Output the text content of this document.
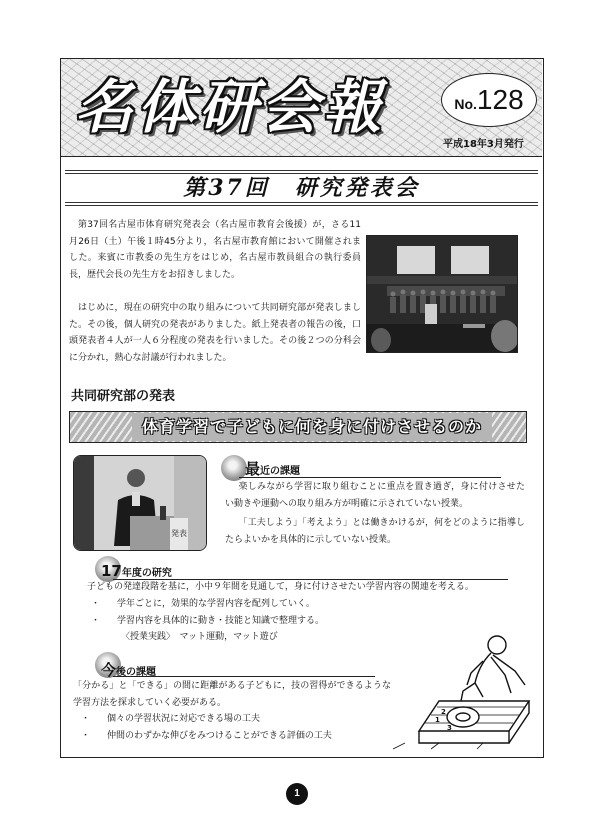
名体研会報	No.128
平成18年3月発行
第37回　研究発表会

第37回名古屋市体育研究発表会（名古屋市教育会後援）が，さる11月26日（土）午後１時45分より，名古屋市教育館において開催されました。来賓に市教委の先生方をはじめ，名古屋市教員組合の執行委員長，歴代会長の先生方をお招きしました。

はじめに，現在の研究中の取り組みについて共同研究部が発表しました。その後，個人研究の発表がありました。紙上発表者の報告の後，口頭発表者４人が一人６分程度の発表を行いました。その後２つの分科会に分かれ，熱心な討議が行われました。

共同研究部の発表
体育学習で子どもに何を身に付けさせるのか
発表
最近の課題

楽しみながら学習に取り組むことに重点を置き過ぎ，身に付けさせたい動きや運動への取り組み方が明確に示されていない授業。

「工夫しよう」「考えよう」とは働きかけるが，何をどのように指導したらよいかを具体的に示していない授業。

17年度の研究

子どもの発達段階を基に，小中９年間を見通して，身に付けさせたい学習内容の関連を考える。

・ 学年ごとに，効果的な学習内容を配列していく。
・ 学習内容を具体的に動き・技能と知識で整理する。

〈授業実践〉　マット運動，マット遊び

今後の課題

「分かる」と「できる」の間に距離がある子どもに，技の習得ができるような学習方法を探求していく必要がある。

・ 個々の学習状況に対応できる場の工夫
・ 仲間のわずかな伸びをみつけることができる評価の工夫
1
2
3
1
